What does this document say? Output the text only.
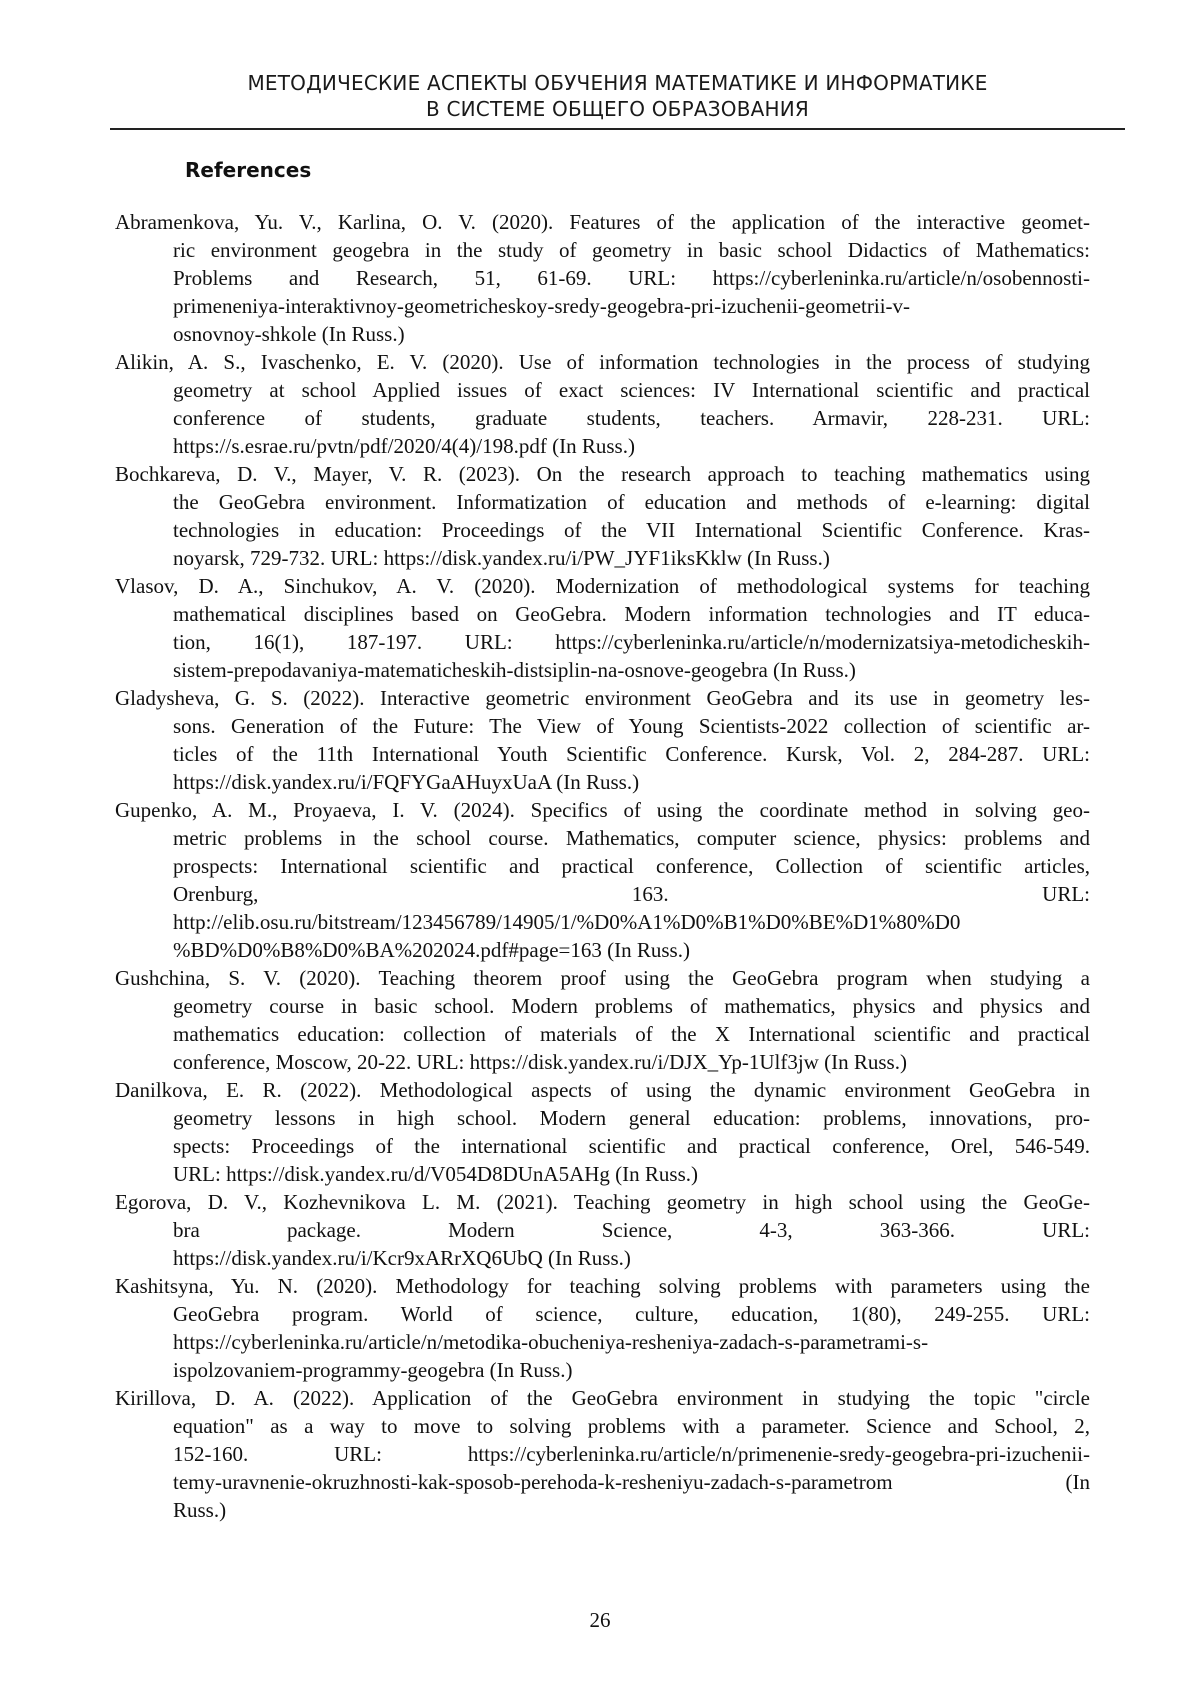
МЕТОДИЧЕСКИЕ АСПЕКТЫ ОБУЧЕНИЯ МАТЕМАТИКЕ И ИНФОРМАТИКЕ
В СИСТЕМЕ ОБЩЕГО ОБРАЗОВАНИЯ
References
Abramenkova, Yu. V., Karlina, O. V. (2020). Features of the application of the interactive geomet-
ric environment geogebra in the study of geometry in basic school Didactics of Mathematics:
Problems and Research, 51, 61-69. URL: https://cyberleninka.ru/article/n/osobennosti-
primeneniya-interaktivnoy-geometricheskoy-sredy-geogebra-pri-izuchenii-geometrii-v-
osnovnoy-shkole (In Russ.)
Alikin, A. S., Ivaschenko, E. V. (2020). Use of information technologies in the process of studying
geometry at school Applied issues of exact sciences: IV International scientific and practical
conference of students, graduate students, teachers. Armavir, 228-231. URL:
https://s.esrae.ru/pvtn/pdf/2020/4(4)/198.pdf (In Russ.)
Bochkareva, D. V., Mayer, V. R. (2023). On the research approach to teaching mathematics using
the GeoGebra environment. Informatization of education and methods of e-learning: digital
technologies in education: Proceedings of the VII International Scientific Conference. Kras-
noyarsk, 729-732. URL: https://disk.yandex.ru/i/PW_JYF1iksKklw (In Russ.)
Vlasov, D. A., Sinchukov, A. V. (2020). Modernization of methodological systems for teaching
mathematical disciplines based on GeoGebra. Modern information technologies and IT educa-
tion, 16(1), 187-197. URL: https://cyberleninka.ru/article/n/modernizatsiya-metodicheskih-
sistem-prepodavaniya-matematicheskih-distsiplin-na-osnove-geogebra (In Russ.)
Gladysheva, G. S. (2022). Interactive geometric environment GeoGebra and its use in geometry les-
sons. Generation of the Future: The View of Young Scientists-2022 collection of scientific ar-
ticles of the 11th International Youth Scientific Conference. Kursk, Vol. 2, 284-287. URL:
https://disk.yandex.ru/i/FQFYGaAHuyxUaA (In Russ.)
Gupenko, A. M., Proyaeva, I. V. (2024). Specifics of using the coordinate method in solving geo-
metric problems in the school course. Mathematics, computer science, physics: problems and
prospects: International scientific and practical conference, Collection of scientific articles,
Orenburg, 163. URL:
http://elib.osu.ru/bitstream/123456789/14905/1/%D0%A1%D0%B1%D0%BE%D1%80%D0
%BD%D0%B8%D0%BA%202024.pdf#page=163 (In Russ.)
Gushchina, S. V. (2020). Teaching theorem proof using the GeoGebra program when studying a
geometry course in basic school. Modern problems of mathematics, physics and physics and
mathematics education: collection of materials of the X International scientific and practical
conference, Moscow, 20-22. URL: https://disk.yandex.ru/i/DJX_Yp-1Ulf3jw (In Russ.)
Danilkova, E. R. (2022). Methodological aspects of using the dynamic environment GeoGebra in
geometry lessons in high school. Modern general education: problems, innovations, pro-
spects: Proceedings of the international scientific and practical conference, Orel, 546-549.
URL: https://disk.yandex.ru/d/V054D8DUnA5AHg (In Russ.)
Egorova, D. V., Kozhevnikova L. M. (2021). Teaching geometry in high school using the GeoGe-
bra package. Modern Science, 4-3, 363-366. URL:
https://disk.yandex.ru/i/Kcr9xARrXQ6UbQ (In Russ.)
Kashitsyna, Yu. N. (2020). Methodology for teaching solving problems with parameters using the
GeoGebra program. World of science, culture, education, 1(80), 249-255. URL:
https://cyberleninka.ru/article/n/metodika-obucheniya-resheniya-zadach-s-parametrami-s-
ispolzovaniem-programmy-geogebra (In Russ.)
Kirillova, D. A. (2022). Application of the GeoGebra environment in studying the topic "circle
equation" as a way to move to solving problems with a parameter. Science and School, 2,
152-160. URL: https://cyberleninka.ru/article/n/primenenie-sredy-geogebra-pri-izuchenii-
temy-uravnenie-okruzhnosti-kak-sposob-perehoda-k-resheniyu-zadach-s-parametrom (In
Russ.)
26
